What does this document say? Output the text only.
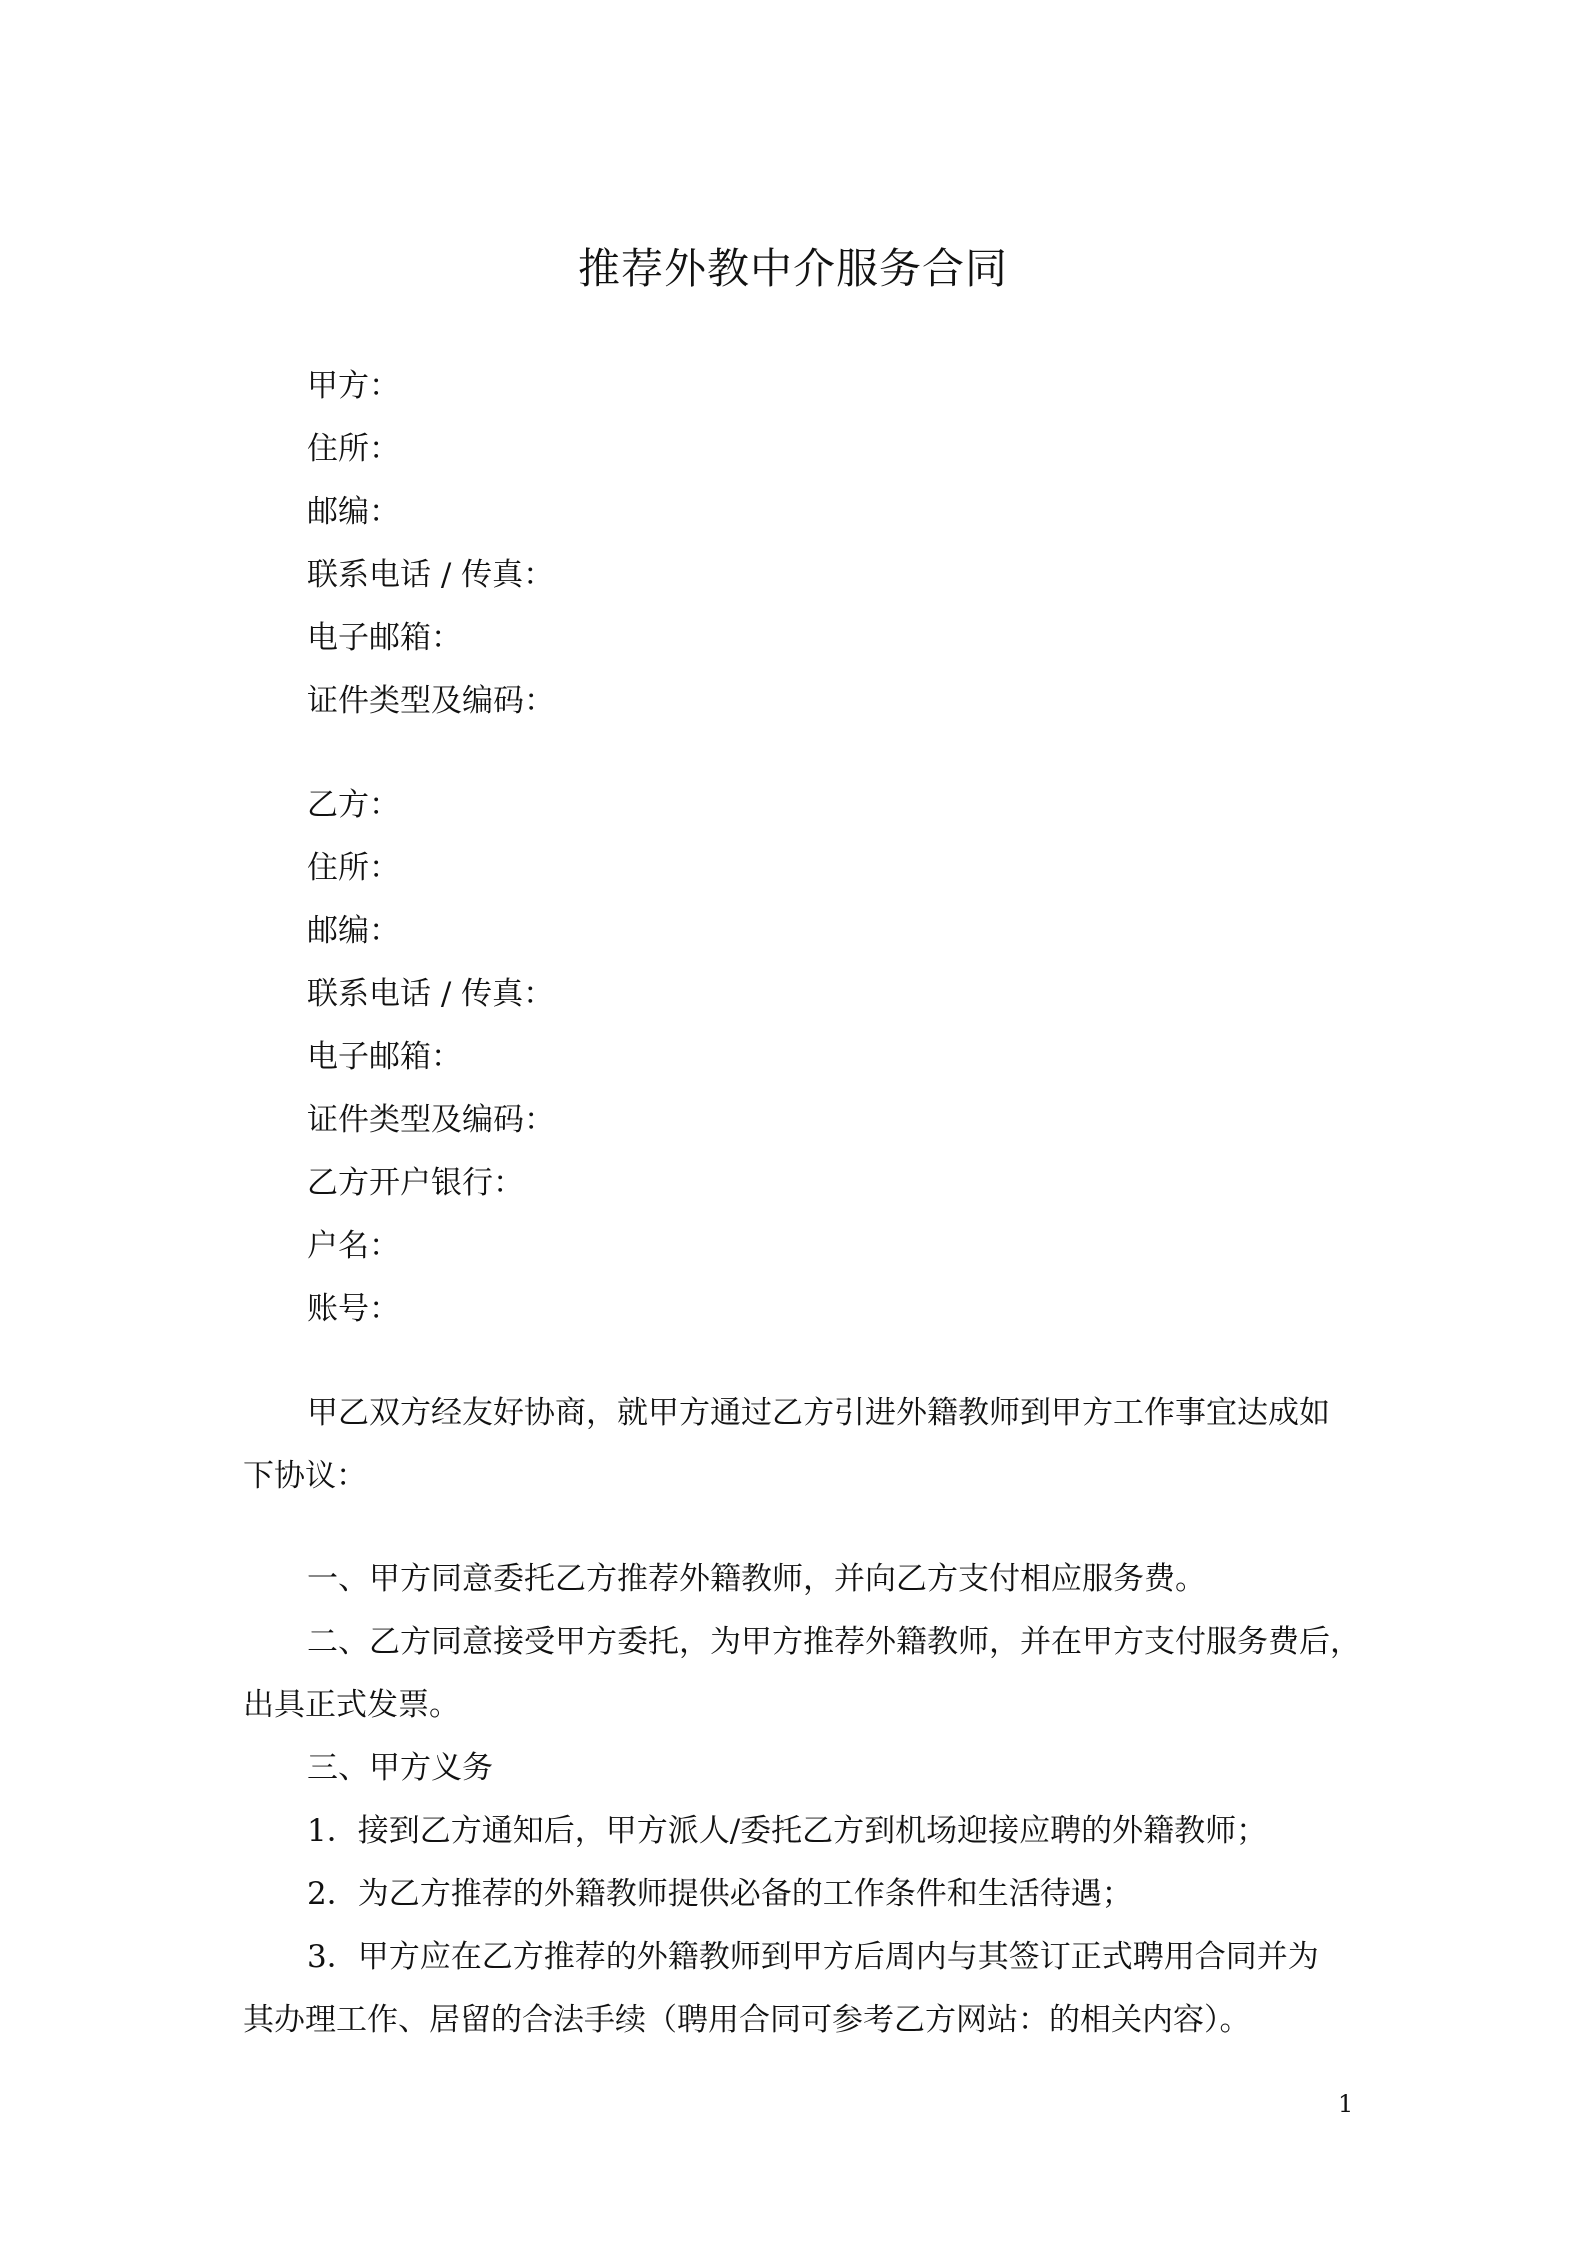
推荐外教中介服务合同
甲方：
住所：
邮编：
联系电话 / 传真：
电子邮箱：
证件类型及编码：
乙方：
住所：
邮编：
联系电话 / 传真：
电子邮箱：
证件类型及编码：
乙方开户银行：
户名：
账号：
甲乙双方经友好协商，就甲方通过乙方引进外籍教师到甲方工作事宜达成如
下协议：
一、甲方同意委托乙方推荐外籍教师，并向乙方支付相应服务费。
二、乙方同意接受甲方委托，为甲方推荐外籍教师，并在甲方支付服务费后，
出具正式发票。
三、甲方义务
1．接到乙方通知后，甲方派人/委托乙方到机场迎接应聘的外籍教师；
2．为乙方推荐的外籍教师提供必备的工作条件和生活待遇；
3．甲方应在乙方推荐的外籍教师到甲方后周内与其签订正式聘用合同并为
其办理工作、居留的合法手续（聘用合同可参考乙方网站：的相关内容）。
1
